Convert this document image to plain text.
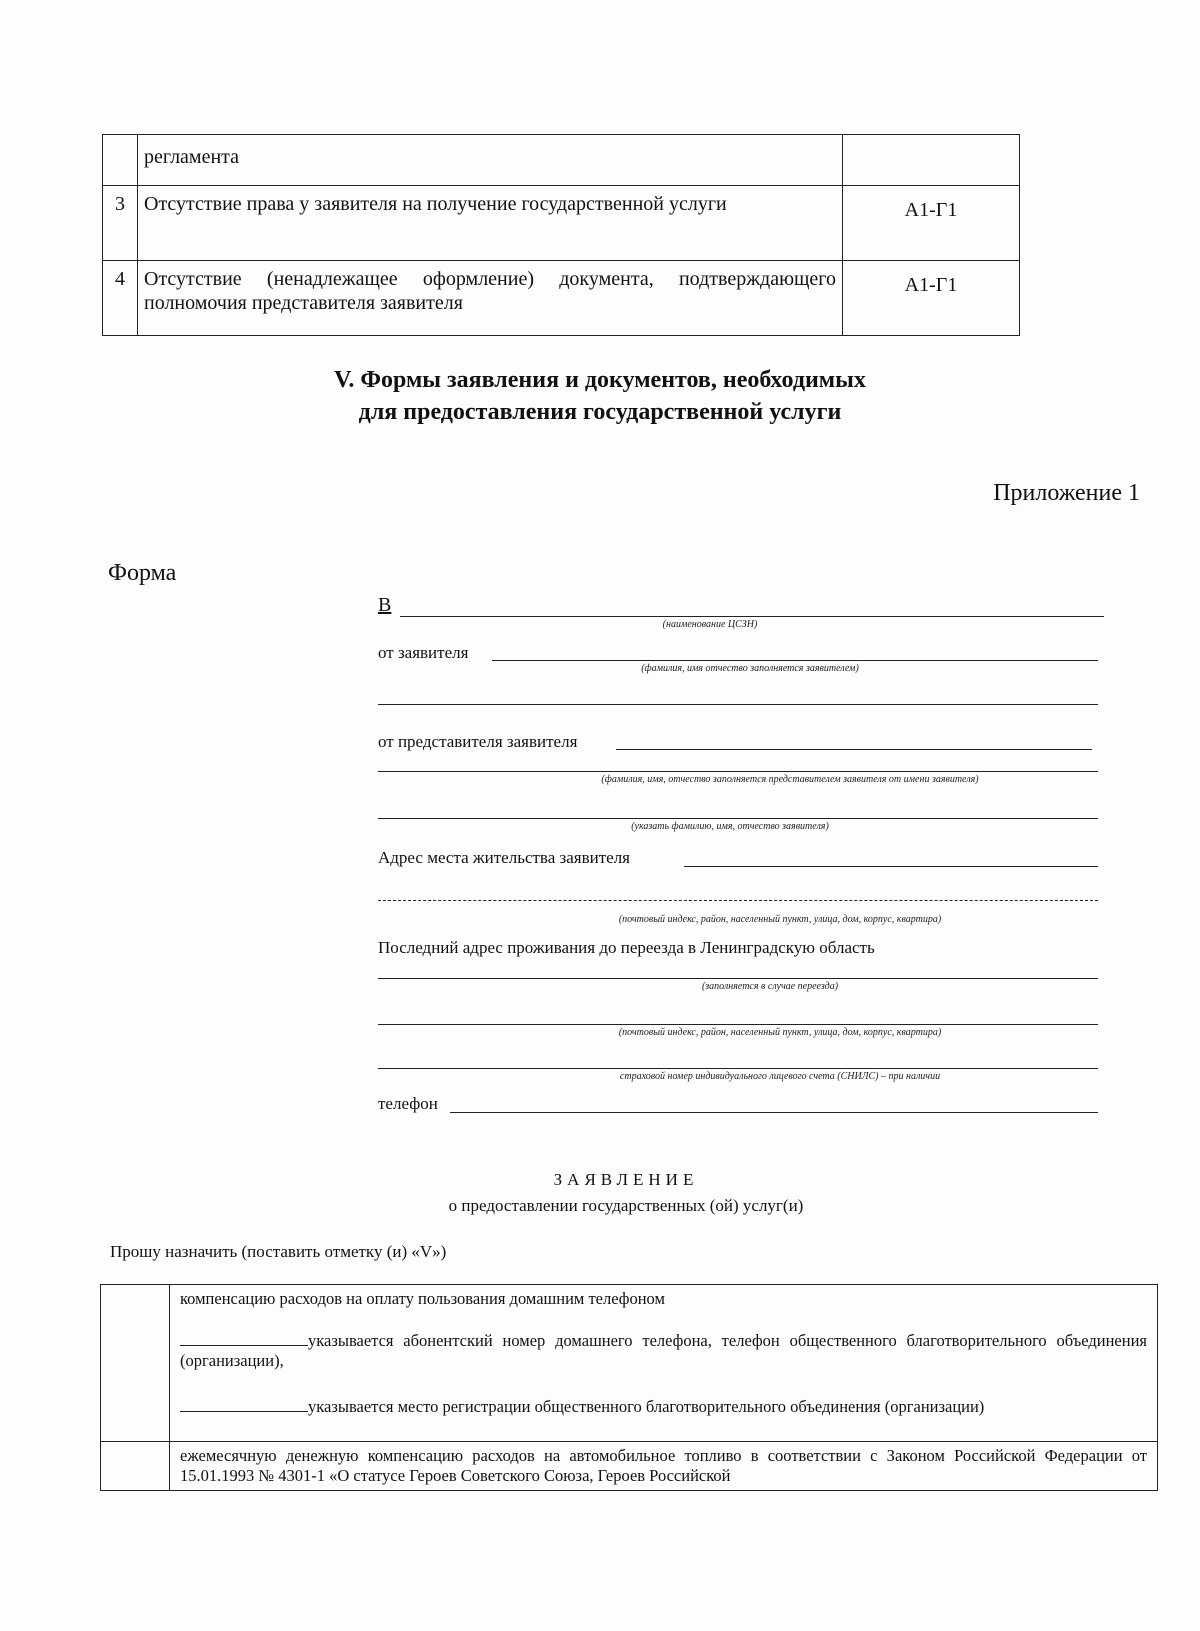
	регламента	
3	Отсутствие права у заявителя на получение государственной услуги	А1-Г1
4	Отсутствие (ненадлежащее оформление) документа, подтверждающего полномочия представителя заявителя	А1-Г1
V. Формы заявления и документов, необходимых
для предоставления государственной услуги
Приложение 1
Форма
В
(наименование ЦСЗН)
от заявителя
(фамилия, имя отчество заполняется заявителем)
от представителя заявителя
(фамилия, имя, отчество заполняется представителем заявителя от имени заявителя)
(указать фамилию, имя, отчество заявителя)
Адрес места жительства заявителя
(почтовый индекс, район, населенный пункт, улица, дом, корпус, квартира)
Последний адрес проживания до переезда в Ленинградскую область
(заполняется в случае переезда)
(почтовый индекс, район, населенный пункт, улица, дом, корпус, квартира)
страховой номер индивидуального лицевого счета (СНИЛС) – при наличии
телефон
ЗАЯВЛЕНИЕ
о предоставлении государственных (ой) услуг(и)
Прошу назначить (поставить отметку (и) «V»)

	компенсацию расходов на оплату пользования домашним телефоном
указывается абонентский номер домашнего телефона, телефон общественного благотворительного объединения (организации),
указывается место регистрации общественного благотворительного объединения (организации)

	ежемесячную денежную компенсацию расходов на автомобильное топливо в соответствии с Законом Российской Федерации от 15.01.1993 № 4301-1 «О статусе Героев Советского Союза, Героев Российской
